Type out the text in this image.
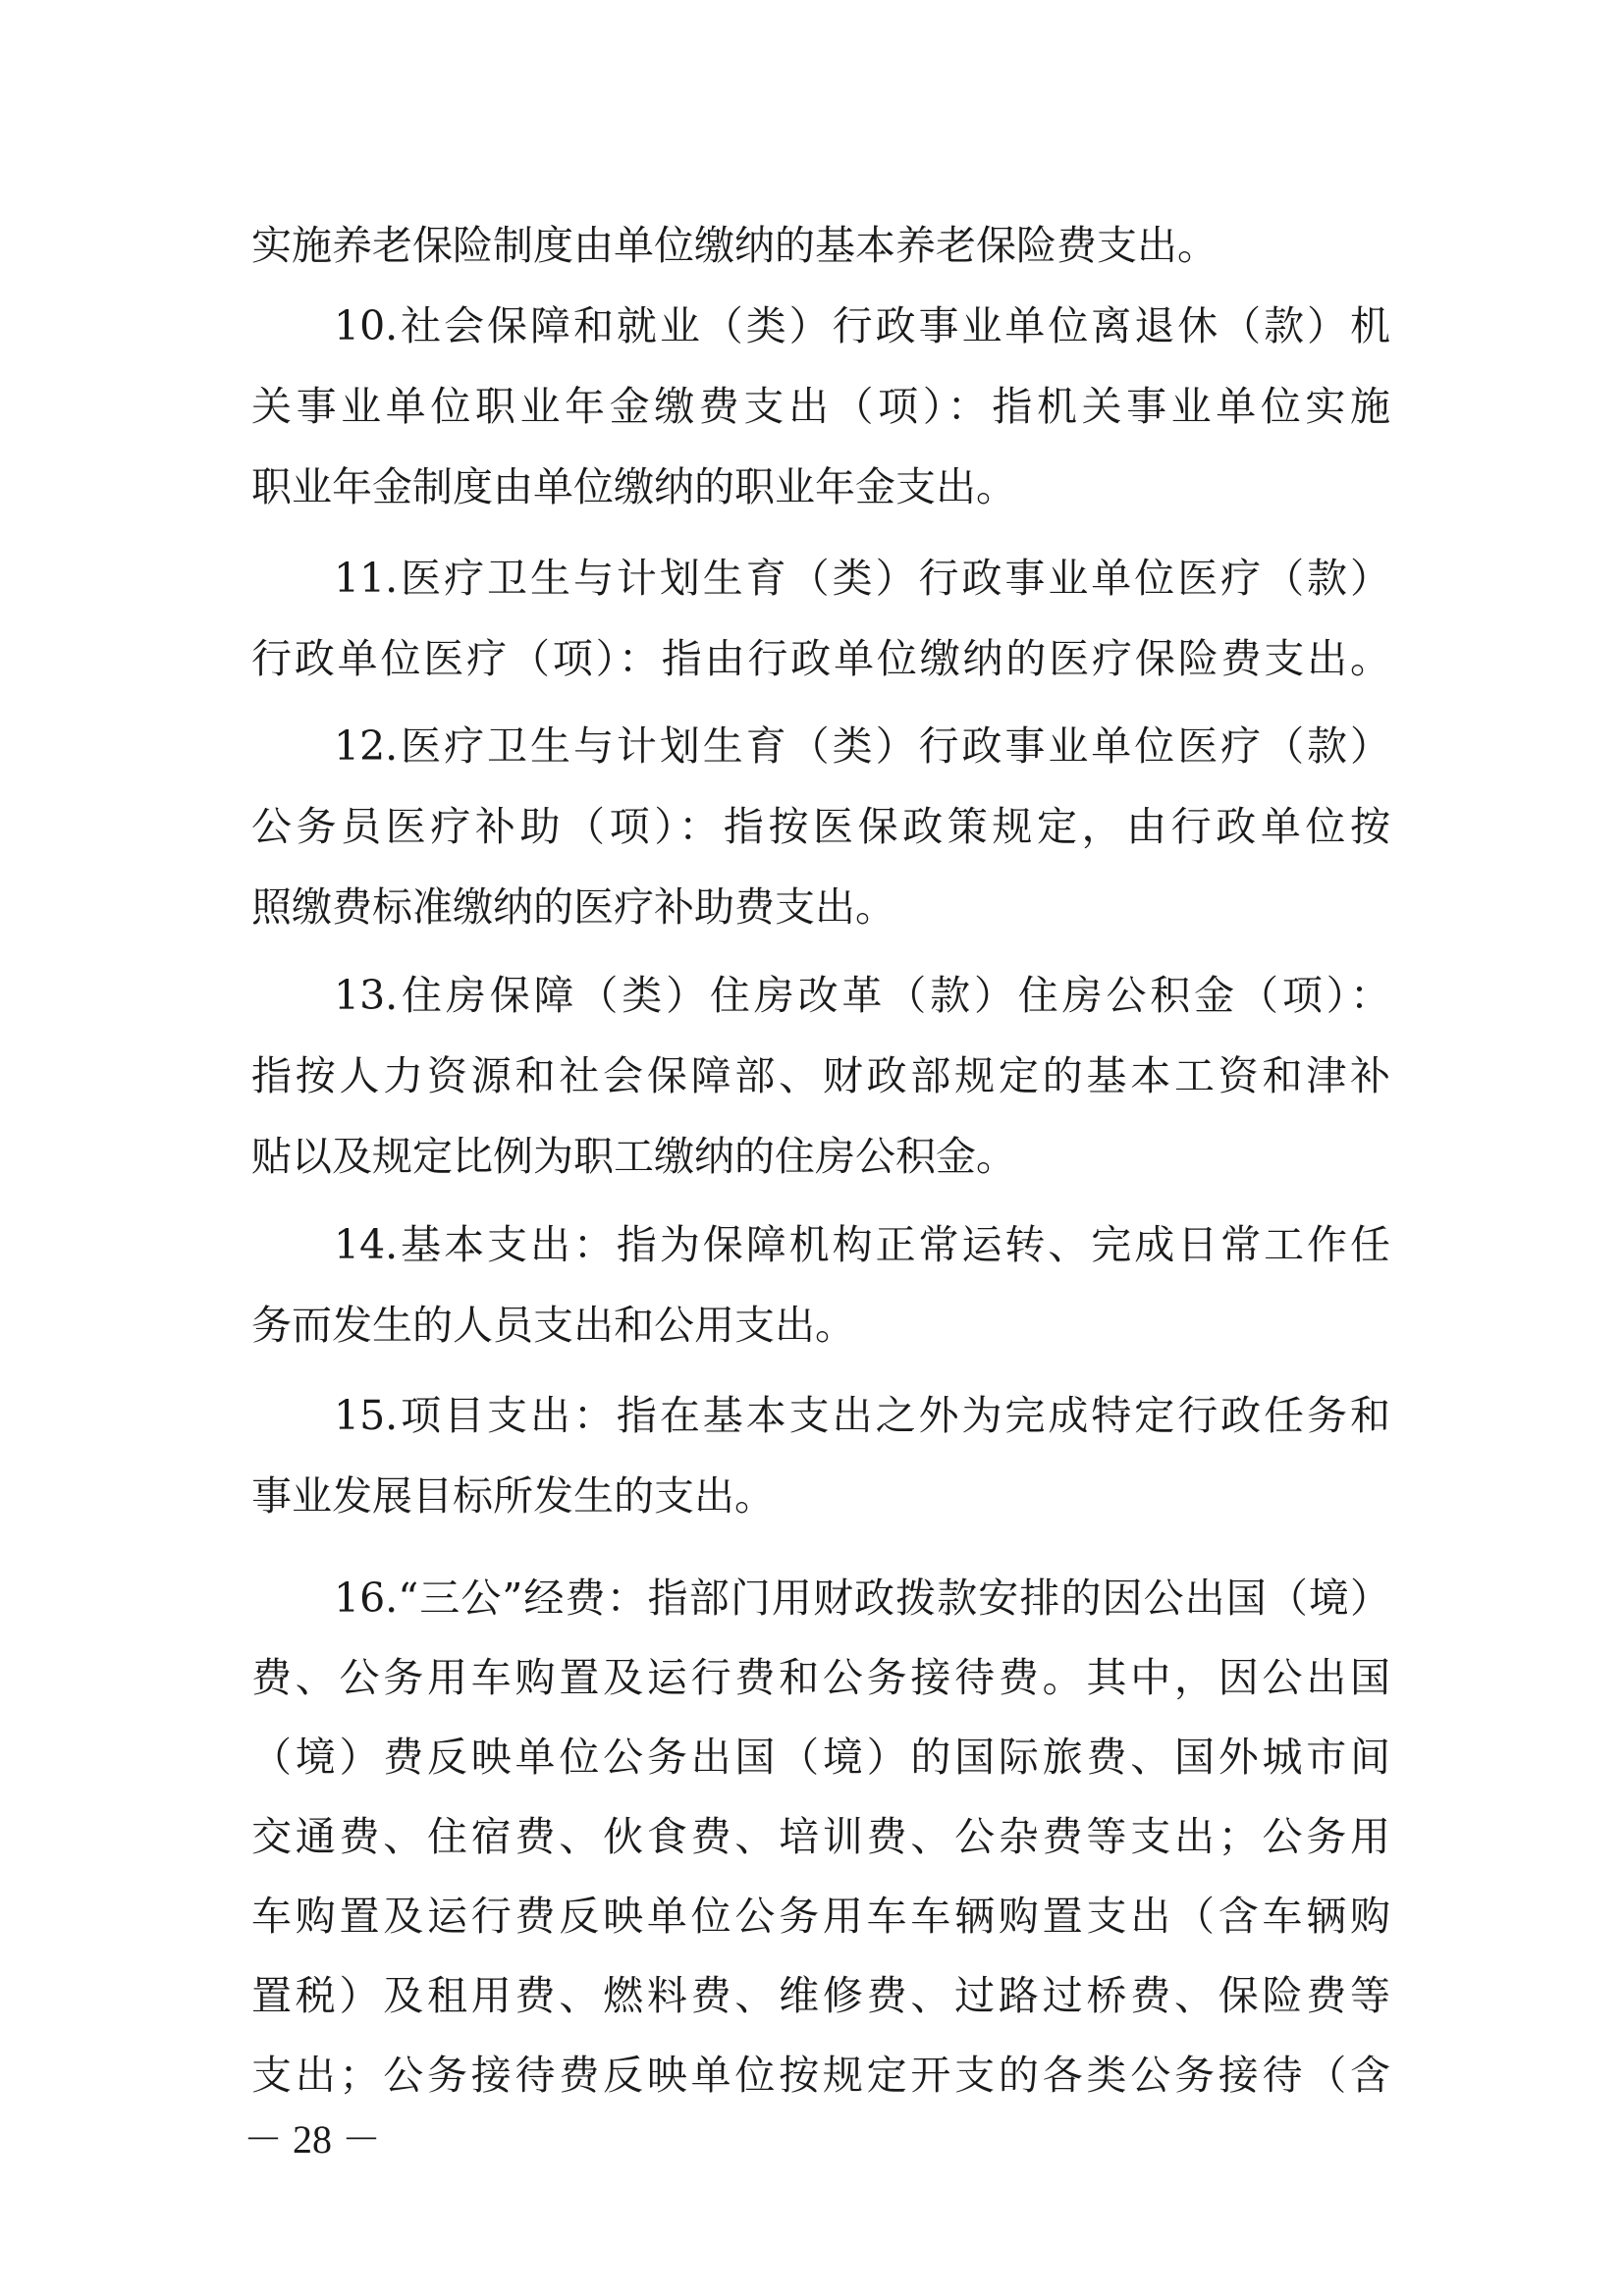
实施养老保险制度由单位缴纳的基本养老保险费支出。
10.社会保障和就业（类）行政事业单位离退休（款）机
关事业单位职业年金缴费支出（项）：指机关事业单位实施
职业年金制度由单位缴纳的职业年金支出。
11.医疗卫生与计划生育（类）行政事业单位医疗（款）
行政单位医疗（项）：指由行政单位缴纳的医疗保险费支出。
12.医疗卫生与计划生育（类）行政事业单位医疗（款）
公务员医疗补助（项）：指按医保政策规定，由行政单位按
照缴费标准缴纳的医疗补助费支出。
13.住房保障（类）住房改革（款）住房公积金（项）：
指按人力资源和社会保障部、财政部规定的基本工资和津补
贴以及规定比例为职工缴纳的住房公积金。
14.基本支出：指为保障机构正常运转、完成日常工作任
务而发生的人员支出和公用支出。
15.项目支出：指在基本支出之外为完成特定行政任务和
事业发展目标所发生的支出。
16.“三公”经费：指部门用财政拨款安排的因公出国（境）
费、公务用车购置及运行费和公务接待费。其中，因公出国
（境）费反映单位公务出国（境）的国际旅费、国外城市间
交通费、住宿费、伙食费、培训费、公杂费等支出；公务用
车购置及运行费反映单位公务用车车辆购置支出（含车辆购
置税）及租用费、燃料费、维修费、过路过桥费、保险费等
支出；公务接待费反映单位按规定开支的各类公务接待（含
－ 28 －
